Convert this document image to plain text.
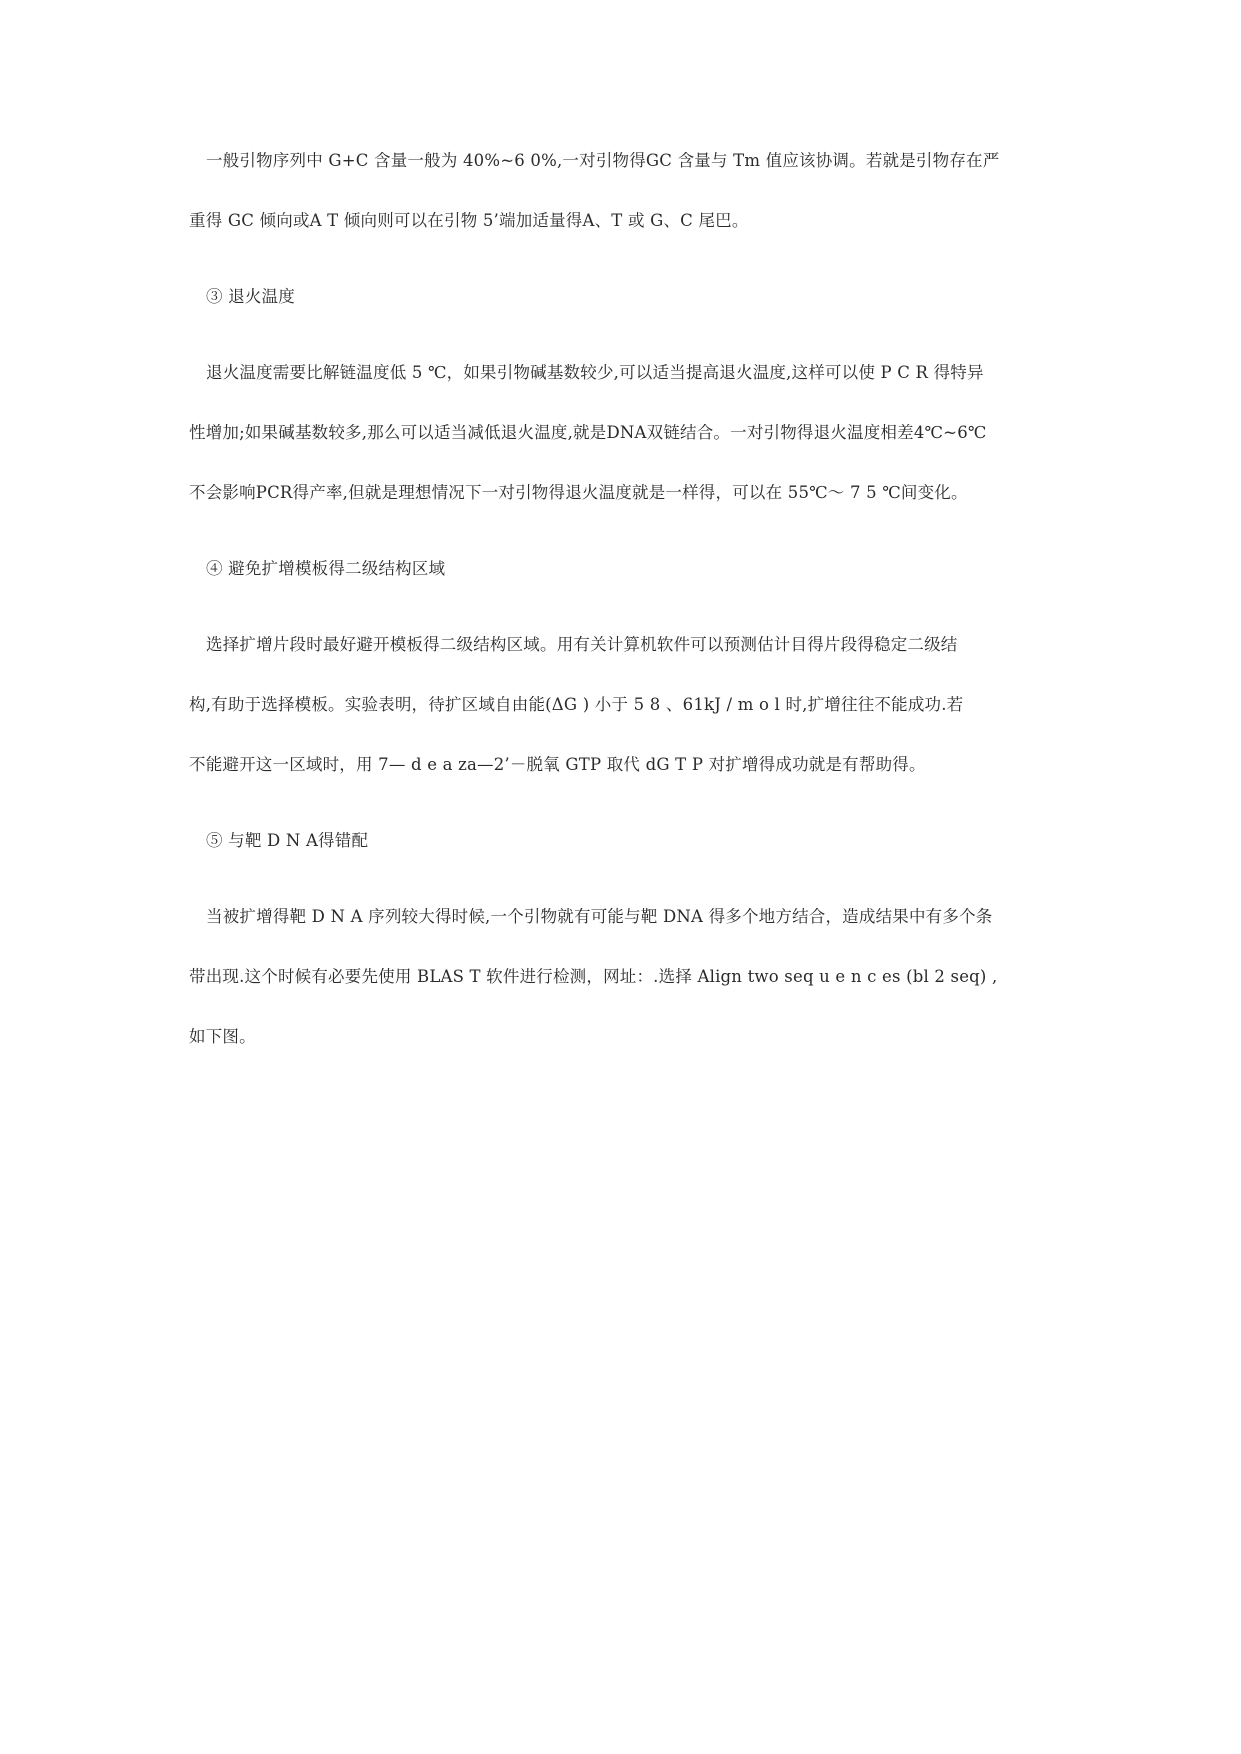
一般引物序列中 G+C 含量一般为 40%~6 0%,一对引物得GC 含量与 Tm 值应该协调。若就是引物存在严
重得 GC 倾向或A T 倾向则可以在引物 5’端加适量得A、T 或 G、C 尾巴。
③ 退火温度
退火温度需要比解链温度低 5 ℃，如果引物碱基数较少,可以适当提高退火温度,这样可以使 P C R 得特异
性增加;如果碱基数较多,那么可以适当减低退火温度,就是DNA双链结合。一对引物得退火温度相差4℃~6℃
不会影响PCR得产率,但就是理想情况下一对引物得退火温度就是一样得，可以在 55℃～ 7 5 ℃间变化。
④ 避免扩增模板得二级结构区域
选择扩增片段时最好避开模板得二级结构区域。用有关计算机软件可以预测估计目得片段得稳定二级结
构,有助于选择模板。实验表明，待扩区域自由能(ΔG ) 小于 5 8 、61kJ / m o l 时,扩增往往不能成功.若
不能避开这一区域时，用 7— d e a za—2’－脱氧 GTP 取代 dG T P 对扩增得成功就是有帮助得。
⑤ 与靶 D N A得错配
当被扩增得靶 D N A 序列较大得时候,一个引物就有可能与靶 DNA 得多个地方结合，造成结果中有多个条
带出现.这个时候有必要先使用 BLAS T 软件进行检测，网址：.选择 Align two seq u e n c es (bl 2 seq) ,
如下图。
